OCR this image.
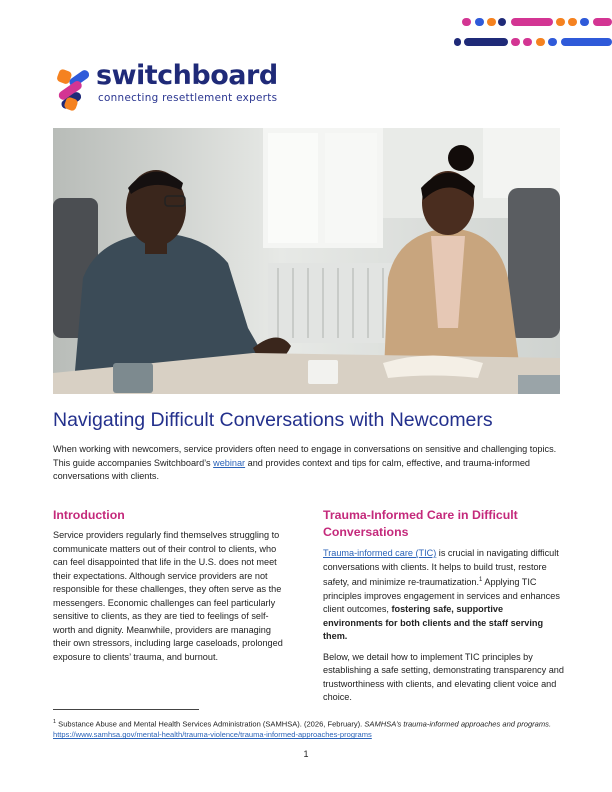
switchboard
connecting resettlement experts
Navigating Difficult Conversations with Newcomers

When working with newcomers, service providers often need to engage in conversations on sensitive and challenging topics. This guide accompanies Switchboard’s webinar and provides context and tips for calm, effective, and trauma-informed conversations with clients.

Introduction

Service providers regularly find themselves struggling to communicate matters out of their control to clients, who can feel disappointed that life in the U.S. does not meet their expectations. Although service providers are not responsible for these challenges, they often serve as the messengers. Economic challenges can feel particularly sensitive to clients, as they are tied to feelings of self-worth and dignity. Meanwhile, providers are managing their own stressors, including large caseloads, prolonged exposure to clients’ trauma, and burnout.

Trauma-Informed Care in Difficult Conversations

Trauma-informed care (TIC) is crucial in navigating difficult conversations with clients. It helps to build trust, restore safety, and minimize re-traumatization.$^1$ Applying TIC principles improves engagement in services and enhances client outcomes, fostering safe, supportive environments for both clients and the staff serving them.

Below, we detail how to implement TIC principles by establishing a safe setting, demonstrating transparency and trustworthiness with clients, and elevating client voice and choice.

$^1$ Substance Abuse and Mental Health Services Administration (SAMHSA). (2026, February). SAMHSA’s trauma-informed approaches and programs. https://www.samhsa.gov/mental-health/trauma-violence/trauma-informed-approaches-programs

1
